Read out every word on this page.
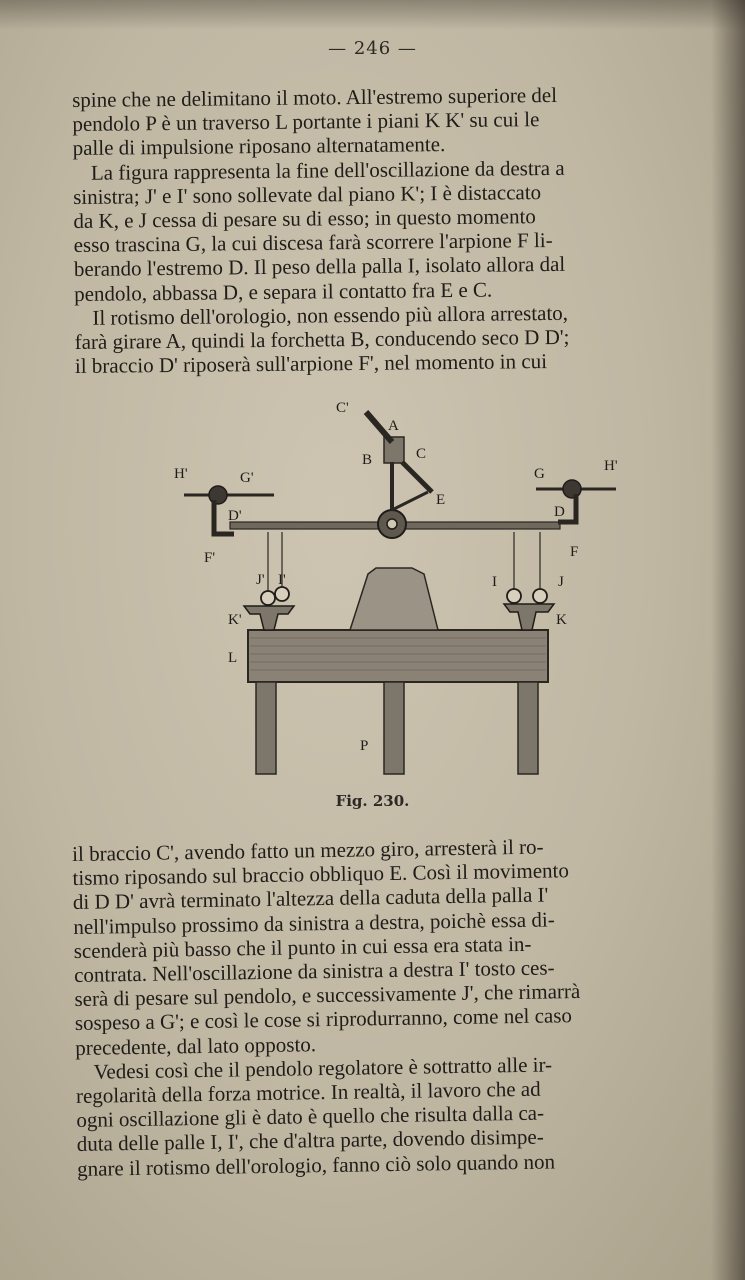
— 246 —
spine che ne delimitano il moto. All'estremo superiore del
pendolo P è un traverso L portante i piani K K' su cui le
palle di impulsione riposano alternatamente.
La figura rappresenta la fine dell'oscillazione da destra a
sinistra; J' e I' sono sollevate dal piano K'; I è distaccato
da K, e J cessa di pesare su di esso; in questo momento
esso trascina G, la cui discesa farà scorrere l'arpione F li-
berando l'estremo D. Il peso della palla I, isolato allora dal
pendolo, abbassa D, e separa il contatto fra E e C.
Il rotismo dell'orologio, non essendo più allora arrestato,
farà girare A, quindi la forchetta B, conducendo seco D D';
il braccio D' riposerà sull'arpione F', nel momento in cui
C'
A
B	C
E
H'	G'
D'
F'
J' I'
K'
L
G	H'
D
F
I	J
K
P
Fig. 230.
il braccio C', avendo fatto un mezzo giro, arresterà il ro-
tismo riposando sul braccio obbliquo E. Così il movimento
di D D' avrà terminato l'altezza della caduta della palla I'
nell'impulso prossimo da sinistra a destra, poichè essa di-
scenderà più basso che il punto in cui essa era stata in-
contrata. Nell'oscillazione da sinistra a destra I' tosto ces-
serà di pesare sul pendolo, e successivamente J', che rimarrà
sospeso a G'; e così le cose si riprodurranno, come nel caso
precedente, dal lato opposto.
Vedesi così che il pendolo regolatore è sottratto alle ir-
regolarità della forza motrice. In realtà, il lavoro che ad
ogni oscillazione gli è dato è quello che risulta dalla ca-
duta delle palle I, I', che d'altra parte, dovendo disimpe-
gnare il rotismo dell'orologio, fanno ciò solo quando non
